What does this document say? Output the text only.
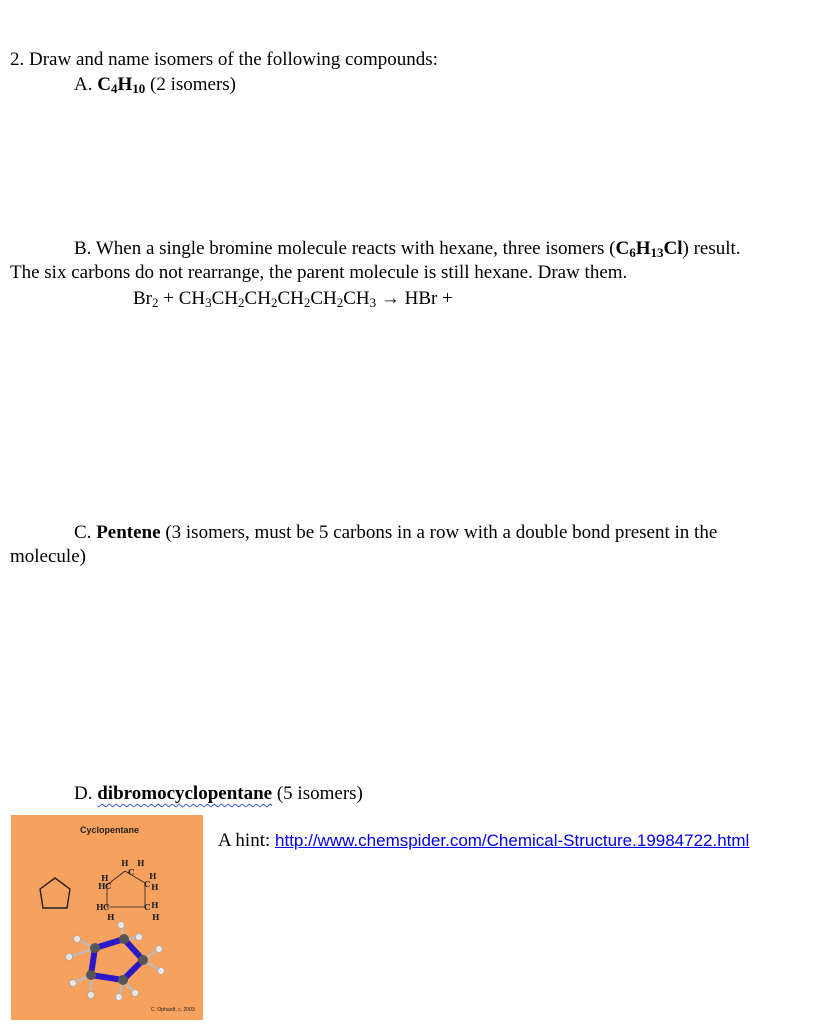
2. Draw and name isomers of the following compounds:
A. $C_4H_{10}$ (2 isomers)
B. When a single bromine molecule reacts with hexane, three isomers $(C_6H_{13}Cl)$ result.
The six carbons do not rearrange, the parent molecule is still hexane. Draw them.
$Br_2 + CH_3CH_2CH_2CH_2CH_2CH_3$ → HBr +
C. Pentene (3 isomers, must be 5 carbons in a row with a double bond present in the
molecule)
D. dibromocyclopentane (5 isomers)
A hint: http://www.chemspider.com/Chemical-Structure.19984722.html
Cyclopentane
H H
C
H	H
H C	C H
H C	C H
H	H
C. Ophardt, c. 2003
